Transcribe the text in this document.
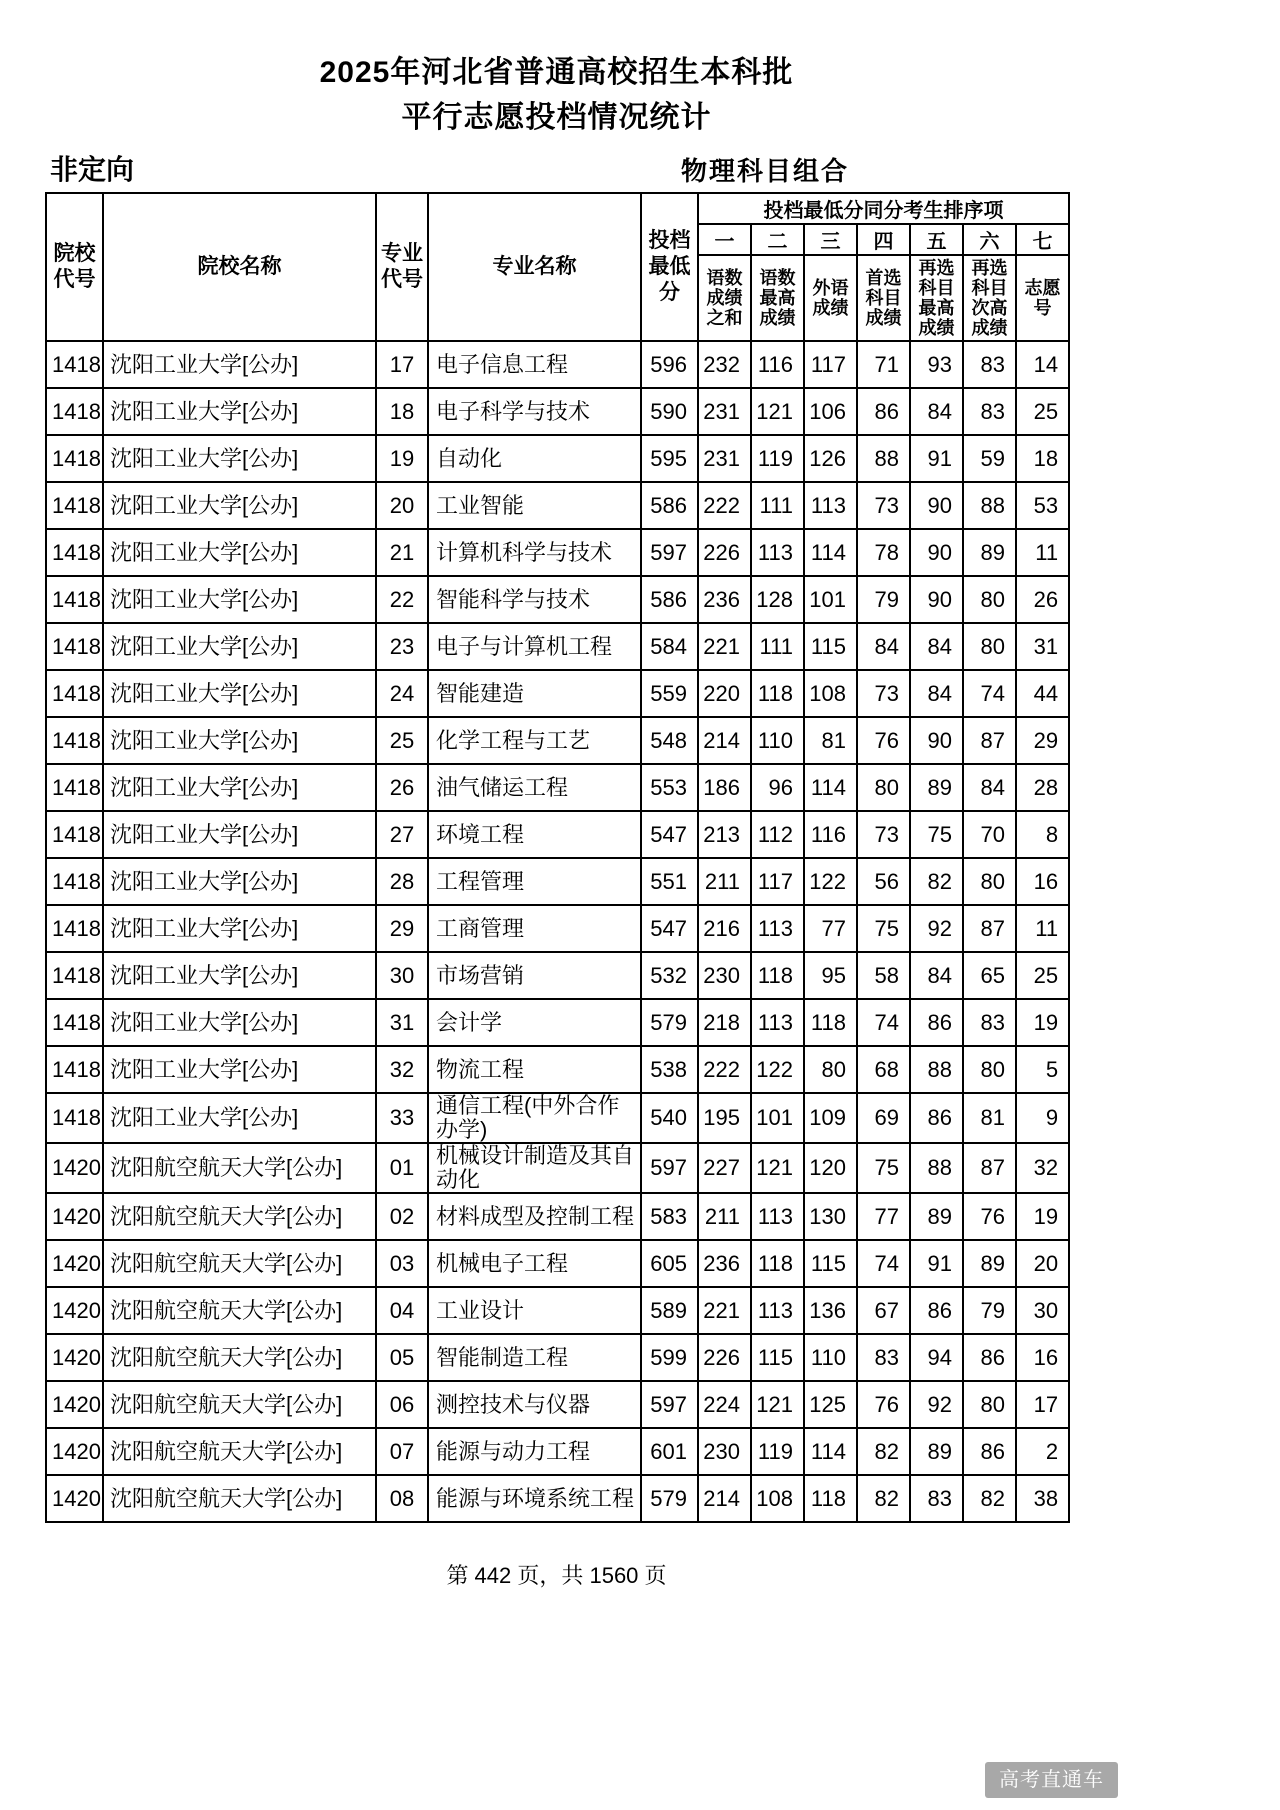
2025年河北省普通高校招生本科批
平行志愿投档情况统计
非定向	物理科目组合
院校代号	院校名称	专业代号	专业名称	投档最低分	投档最低分同分考生排序项						
					一	二	三	四	五	六	七
					语数成绩之和	语数最高成绩	外语成绩	首选科目成绩	再选科目最高成绩	再选科目次高成绩	志愿号
1418	沈阳工业大学[公办]	17	电子信息工程	596	232	116	117	71	93	83	14
1418	沈阳工业大学[公办]	18	电子科学与技术	590	231	121	106	86	84	83	25
1418	沈阳工业大学[公办]	19	自动化	595	231	119	126	88	91	59	18
1418	沈阳工业大学[公办]	20	工业智能	586	222	111	113	73	90	88	53
1418	沈阳工业大学[公办]	21	计算机科学与技术	597	226	113	114	78	90	89	11
1418	沈阳工业大学[公办]	22	智能科学与技术	586	236	128	101	79	90	80	26
1418	沈阳工业大学[公办]	23	电子与计算机工程	584	221	111	115	84	84	80	31
1418	沈阳工业大学[公办]	24	智能建造	559	220	118	108	73	84	74	44
1418	沈阳工业大学[公办]	25	化学工程与工艺	548	214	110	81	76	90	87	29
1418	沈阳工业大学[公办]	26	油气储运工程	553	186	96	114	80	89	84	28
1418	沈阳工业大学[公办]	27	环境工程	547	213	112	116	73	75	70	8
1418	沈阳工业大学[公办]	28	工程管理	551	211	117	122	56	82	80	16
1418	沈阳工业大学[公办]	29	工商管理	547	216	113	77	75	92	87	11
1418	沈阳工业大学[公办]	30	市场营销	532	230	118	95	58	84	65	25
1418	沈阳工业大学[公办]	31	会计学	579	218	113	118	74	86	83	19
1418	沈阳工业大学[公办]	32	物流工程	538	222	122	80	68	88	80	5
1418	沈阳工业大学[公办]	33	通信工程(中外合作办学)	540	195	101	109	69	86	81	9
1420	沈阳航空航天大学[公办]	01	机械设计制造及其自动化	597	227	121	120	75	88	87	32
1420	沈阳航空航天大学[公办]	02	材料成型及控制工程	583	211	113	130	77	89	76	19
1420	沈阳航空航天大学[公办]	03	机械电子工程	605	236	118	115	74	91	89	20
1420	沈阳航空航天大学[公办]	04	工业设计	589	221	113	136	67	86	79	30
1420	沈阳航空航天大学[公办]	05	智能制造工程	599	226	115	110	83	94	86	16
1420	沈阳航空航天大学[公办]	06	测控技术与仪器	597	224	121	125	76	92	80	17
1420	沈阳航空航天大学[公办]	07	能源与动力工程	601	230	119	114	82	89	86	2
1420	沈阳航空航天大学[公办]	08	能源与环境系统工程	579	214	108	118	82	83	82	38
第 442 页，共 1560 页
高考直通车
